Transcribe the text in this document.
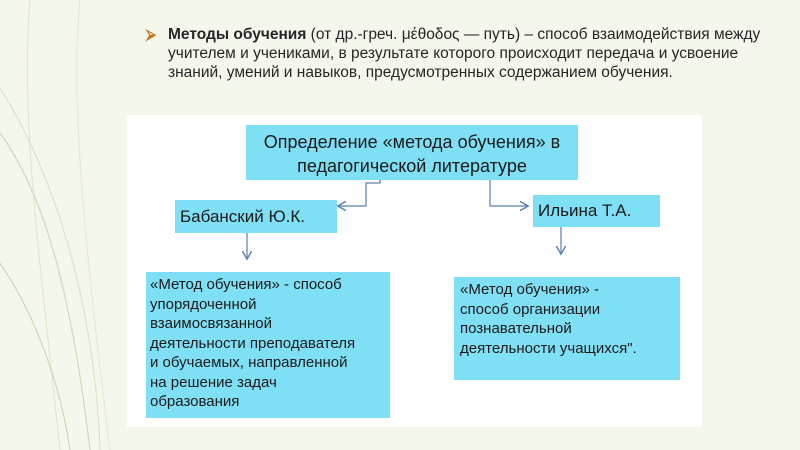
⮚ Методы обучения (от др.-греч. μέθοδος — путь) – способ взаимодействия между учителем и учениками, в результате которого происходит передача и усвоение знаний, умений и навыков, предусмотренных содержанием обучения.
Определение «метода обучения» в педагогической литературе
Бабанский Ю.К.	Ильина Т.А.
«Метод обучения» - способ
упорядоченной
взаимосвязанной
деятельности преподавателя
и обучаемых, направленной
на решение задач
образования
«Метод обучения» -
способ организации
познавательной
деятельности учащихся".
